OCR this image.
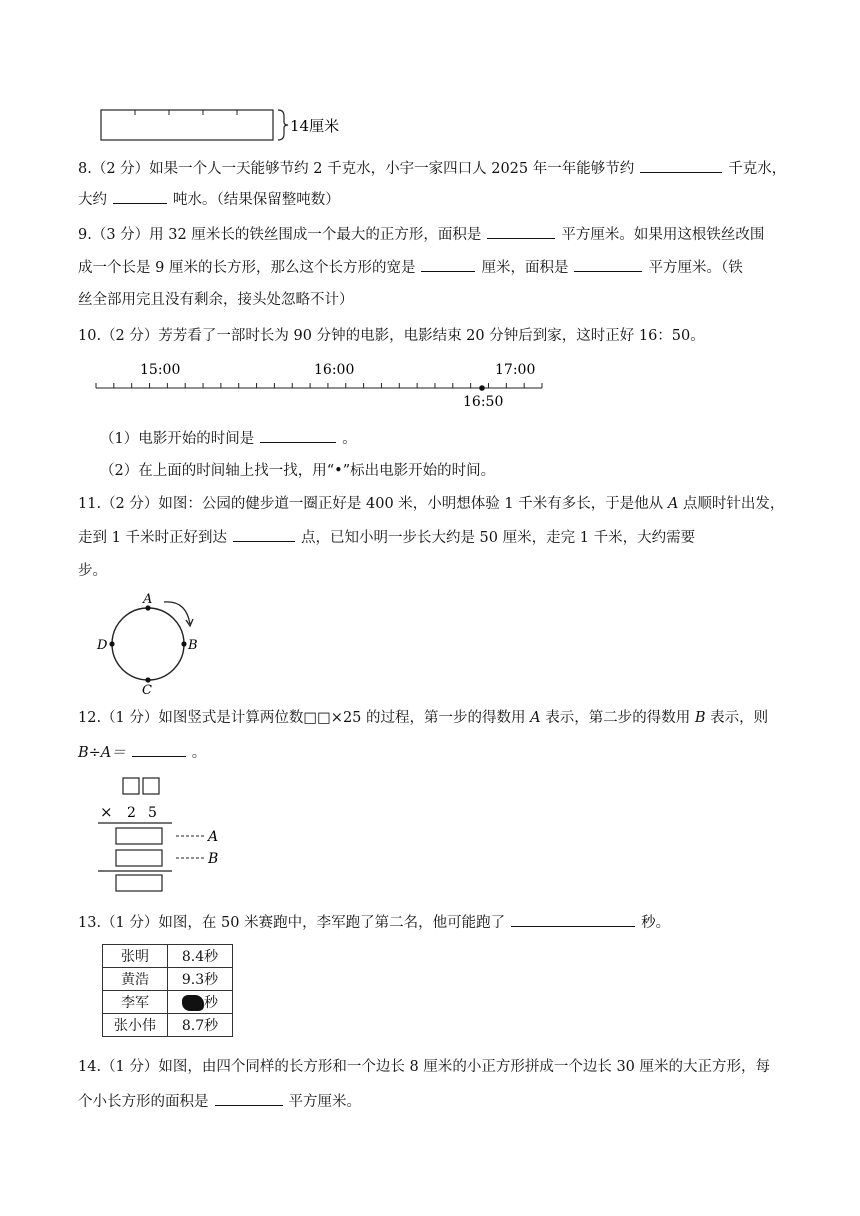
14厘米
8.（2 分）如果一个人一天能够节约 2 千克水，小宇一家四口人 2025 年一年能够节约	千克水，
大约	吨水。（结果保留整吨数）
9.（3 分）用 32 厘米长的铁丝围成一个最大的正方形，面积是	平方厘米。如果用这根铁丝改围
成一个长是 9 厘米的长方形，那么这个长方形的宽是	厘米，面积是	平方厘米。（铁
丝全部用完且没有剩余，接头处忽略不计）
10.（2 分）芳芳看了一部时长为 90 分钟的电影，电影结束 20 分钟后到家，这时正好 16：50。
15:00	16:00	17:00
16:50
（1）电影开始的时间是	。
（2）在上面的时间轴上找一找，用“•”标出电影开始的时间。
11.（2 分）如图：公园的健步道一圈正好是 400 米，小明想体验 1 千米有多长，于是他从 A 点顺时针出发，
走到 1 千米时正好到达	点，已知小明一步长大约是 50 厘米，走完 1 千米，大约需要
步。
A
B
C
D
12.（1 分）如图竖式是计算两位数□□×25 的过程，第一步的得数用 A 表示，第二步的得数用 B 表示，则
B÷A＝	。
× 2 5
A
B
13.（1 分）如图，在 50 米赛跑中，李军跑了第二名，他可能跑了	秒。
张明	8.4秒
黄浩	9.3秒
李军	秒
张小伟	8.7秒
14.（1 分）如图，由四个同样的长方形和一个边长 8 厘米的小正方形拼成一个边长 30 厘米的大正方形，每
个小长方形的面积是	平方厘米。
